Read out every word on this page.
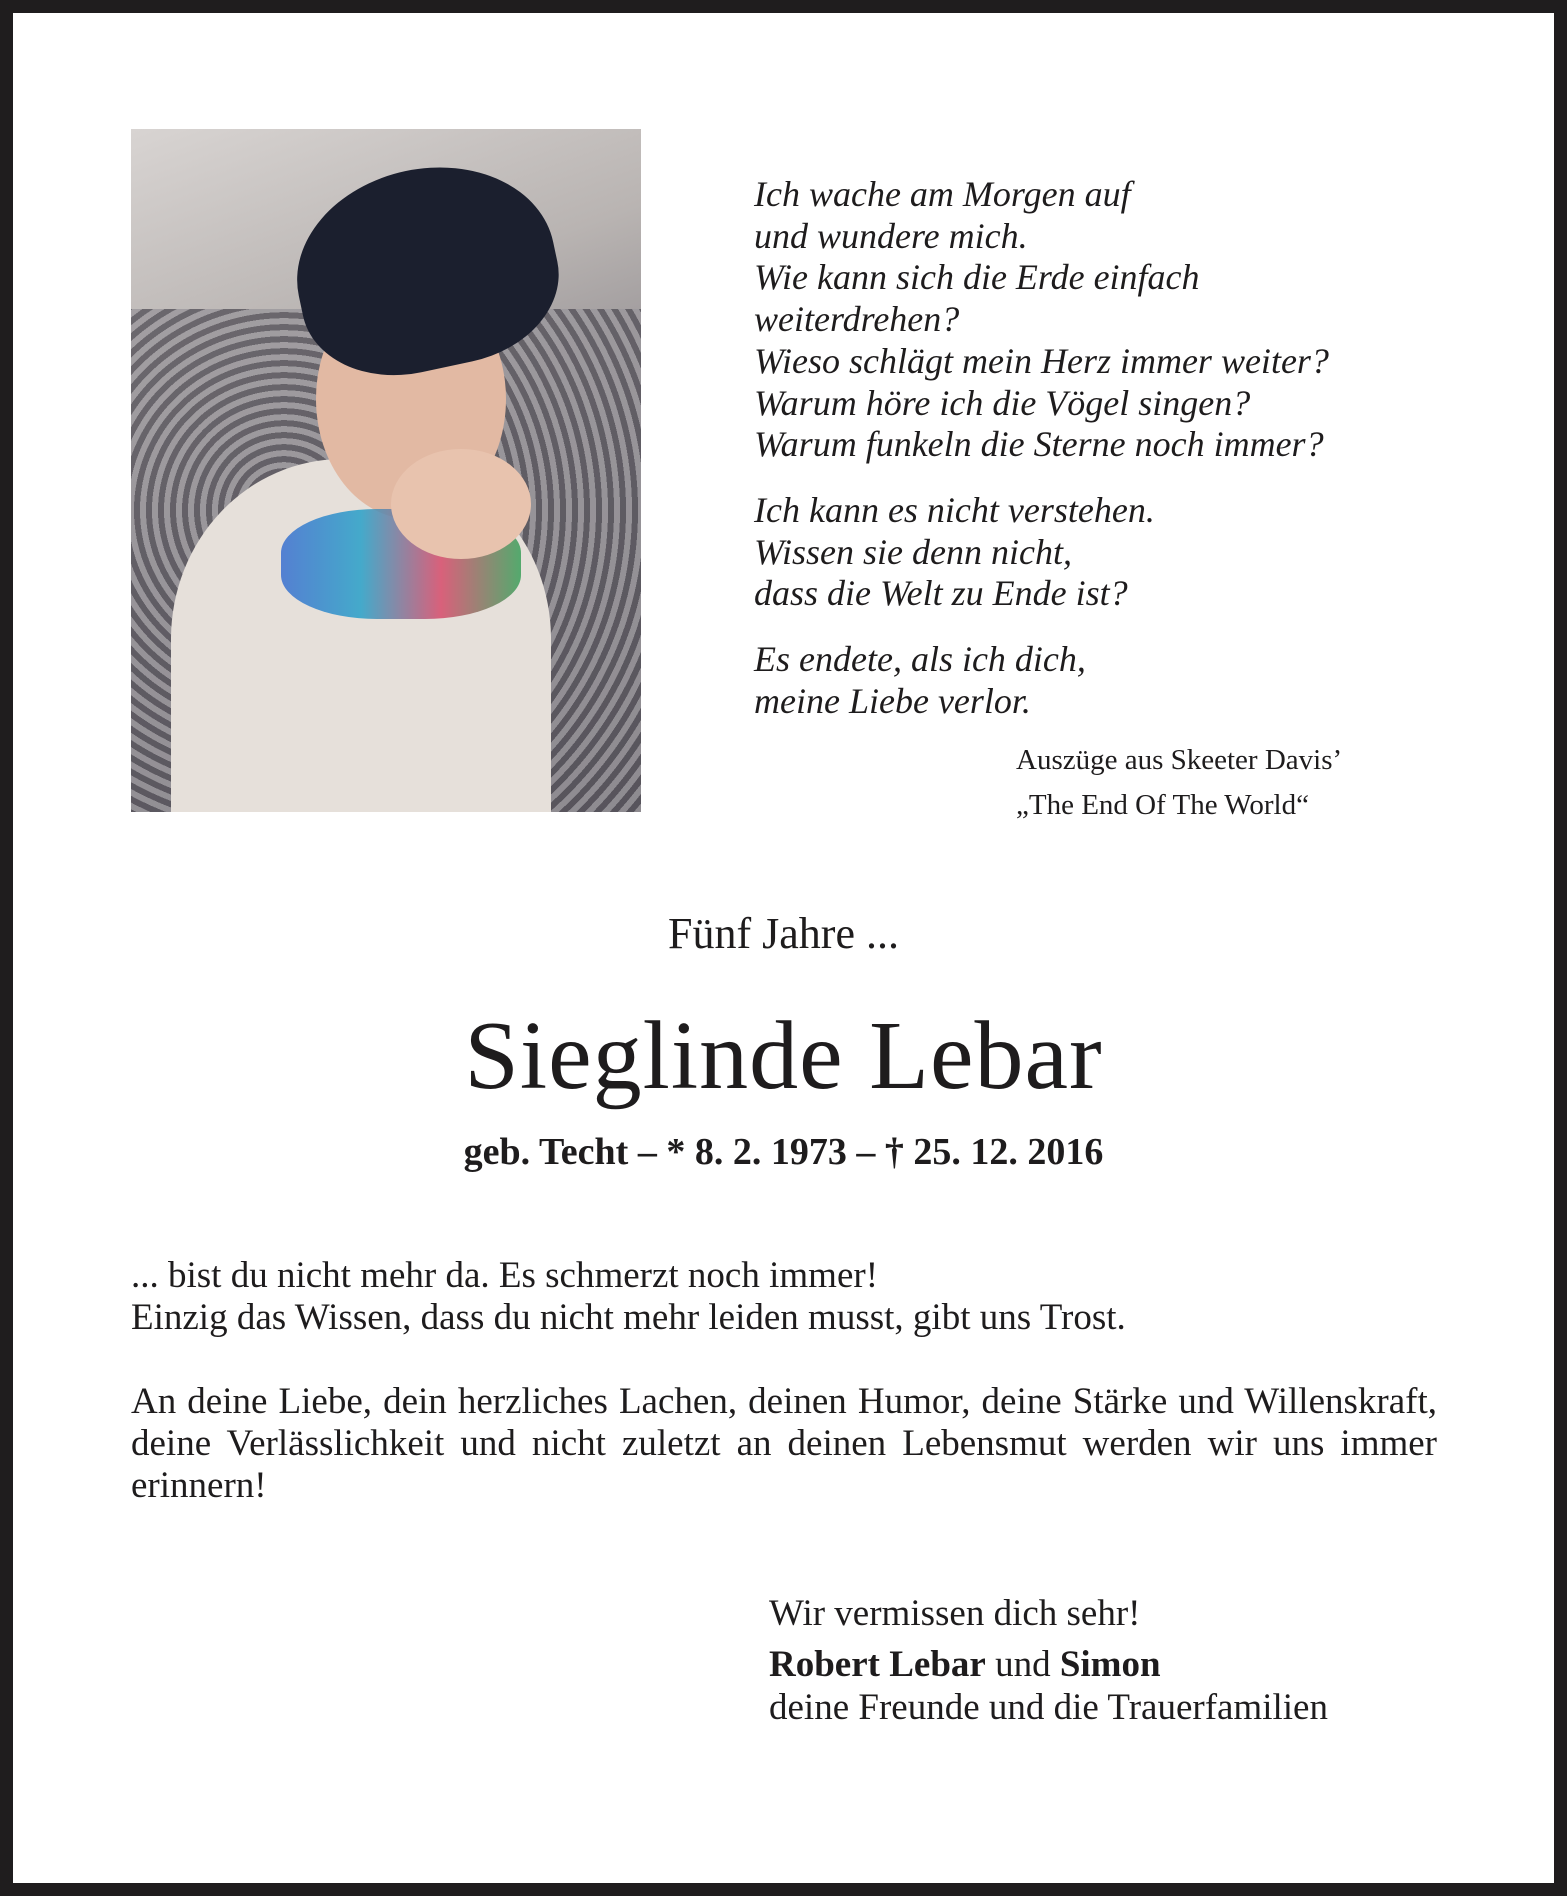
Ich wache am Morgen auf
und wundere mich.
Wie kann sich die Erde einfach
weiterdrehen?
Wieso schlägt mein Herz immer weiter?
Warum höre ich die Vögel singen?
Warum funkeln die Sterne noch immer?

Ich kann es nicht verstehen.
Wissen sie denn nicht,
dass die Welt zu Ende ist?

Es endete, als ich dich,
meine Liebe verlor.

Auszüge aus Skeeter Davis’
„The End Of The World“
Fünf Jahre ...
Sieglinde Lebar
geb. Techt – * 8. 2. 1973 – † 25. 12. 2016

... bist du nicht mehr da. Es schmerzt noch immer!
Einzig das Wissen, dass du nicht mehr leiden musst, gibt uns Trost.

An deine Liebe, dein herzliches Lachen, deinen Humor, deine Stärke und Willenskraft, deine Verlässlichkeit und nicht zuletzt an deinen Lebensmut werden wir uns immer erinnern!

Wir vermissen dich sehr!
Robert Lebar und Simon
deine Freunde und die Trauerfamilien
